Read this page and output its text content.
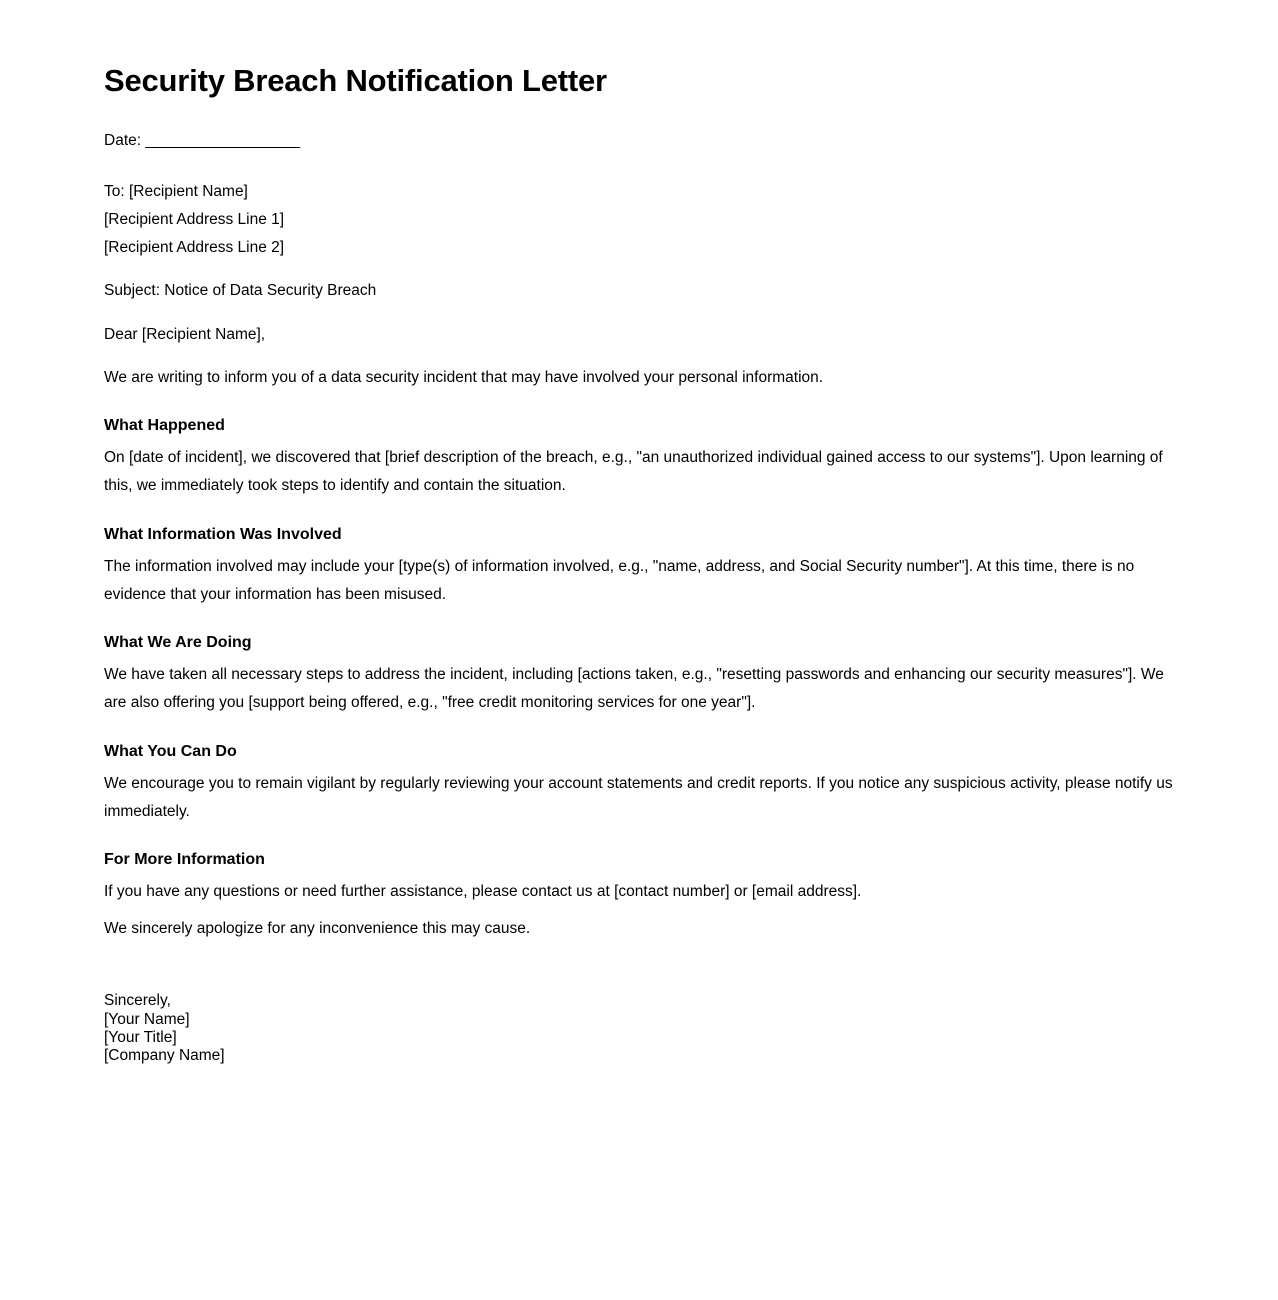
Security Breach Notification Letter
Date: ___________________
To: [Recipient Name]
[Recipient Address Line 1]
[Recipient Address Line 2]

Subject: Notice of Data Security Breach

Dear [Recipient Name],

We are writing to inform you of a data security incident that may have involved your personal information.

What Happened

On [date of incident], we discovered that [brief description of the breach, e.g., "an unauthorized individual gained access to our systems"]. Upon learning of this, we immediately took steps to identify and contain the situation.

What Information Was Involved

The information involved may include your [type(s) of information involved, e.g., "name, address, and Social Security number"]. At this time, there is no evidence that your information has been misused.

What We Are Doing

We have taken all necessary steps to address the incident, including [actions taken, e.g., "resetting passwords and enhancing our security measures"]. We are also offering you [support being offered, e.g., "free credit monitoring services for one year"].

What You Can Do

We encourage you to remain vigilant by regularly reviewing your account statements and credit reports. If you notice any suspicious activity, please notify us immediately.

For More Information

If you have any questions or need further assistance, please contact us at [contact number] or [email address].

We sincerely apologize for any inconvenience this may cause.

Sincerely,
[Your Name]
[Your Title]
[Company Name]
